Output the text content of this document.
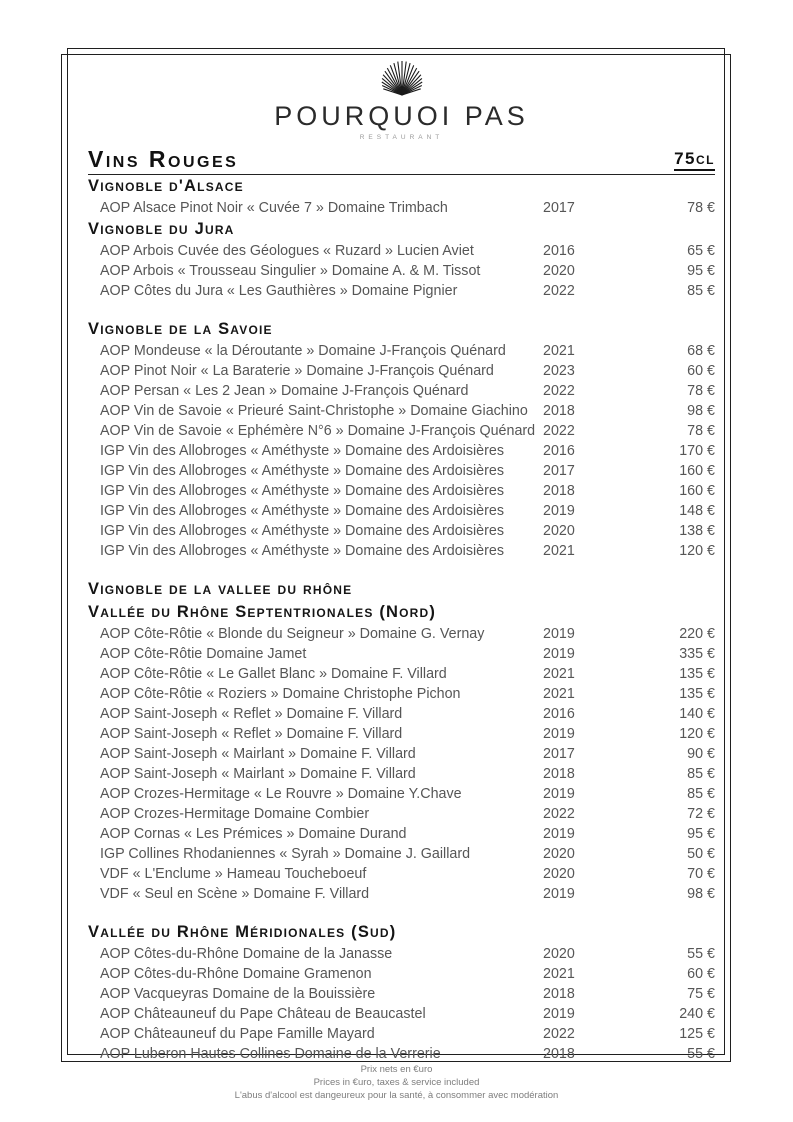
POURQUOI PAS
RESTAURANT
Vins Rouges	75cl
Vignoble d'Alsace
AOP Alsace Pinot Noir « Cuvée 7 » Domaine Trimbach	2017	78 €
Vignoble du Jura
AOP Arbois Cuvée des Géologues « Ruzard » Lucien Aviet	2016	65 €
AOP Arbois « Trousseau Singulier » Domaine A. & M. Tissot	2020	95 €
AOP Côtes du Jura « Les Gauthières » Domaine Pignier	2022	85 €
Vignoble de la Savoie
AOP Mondeuse « la Déroutante » Domaine J-François Quénard	2021	68 €
AOP Pinot Noir « La Baraterie » Domaine J-François Quénard	2023	60 €
AOP Persan « Les 2 Jean » Domaine J-François Quénard	2022	78 €
AOP Vin de Savoie « Prieuré Saint-Christophe » Domaine Giachino	2018	98 €
AOP Vin de Savoie « Ephémère N°6 » Domaine J-François Quénard 2022	78 €
IGP Vin des Allobroges « Améthyste » Domaine des Ardoisières	2016	170 €
IGP Vin des Allobroges « Améthyste » Domaine des Ardoisières	2017	160 €
IGP Vin des Allobroges « Améthyste » Domaine des Ardoisières	2018	160 €
IGP Vin des Allobroges « Améthyste » Domaine des Ardoisières	2019	148 €
IGP Vin des Allobroges « Améthyste » Domaine des Ardoisières	2020	138 €
IGP Vin des Allobroges « Améthyste » Domaine des Ardoisières	2021	120 €
Vignoble de la vallee du rhône
Vallée du Rhône Septentrionales (Nord)
AOP Côte-Rôtie « Blonde du Seigneur » Domaine G. Vernay	2019	220 €
AOP Côte-Rôtie Domaine Jamet	2019	335 €
AOP Côte-Rôtie « Le Gallet Blanc » Domaine F. Villard	2021	135 €
AOP Côte-Rôtie « Roziers » Domaine Christophe Pichon	2021	135 €
AOP Saint-Joseph « Reflet » Domaine F. Villard	2016	140 €
AOP Saint-Joseph « Reflet » Domaine F. Villard	2019	120 €
AOP Saint-Joseph « Mairlant » Domaine F. Villard	2017	90 €
AOP Saint-Joseph « Mairlant » Domaine F. Villard	2018	85 €
AOP Crozes-Hermitage « Le Rouvre » Domaine Y.Chave	2019	85 €
AOP Crozes-Hermitage Domaine Combier	2022	72 €
AOP Cornas « Les Prémices » Domaine Durand	2019	95 €
IGP Collines Rhodaniennes « Syrah » Domaine J. Gaillard	2020	50 €
VDF « L'Enclume » Hameau Toucheboeuf	2020	70 €
VDF « Seul en Scène » Domaine F. Villard	2019	98 €
Vallée du Rhône Méridionales (Sud)
AOP Côtes-du-Rhône Domaine de la Janasse	2020	55 €
AOP Côtes-du-Rhône Domaine Gramenon	2021	60 €
AOP Vacqueyras Domaine de la Bouissière	2018	75 €
AOP Châteauneuf du Pape Château de Beaucastel	2019	240 €
AOP Châteauneuf du Pape Famille Mayard	2022	125 €
AOP Luberon Hautes Collines Domaine de la Verrerie	2018	55 €
Prix nets en €uro
Prices in €uro, taxes & service included
L'abus d'alcool est dangeureux pour la santé, à consommer avec modération
